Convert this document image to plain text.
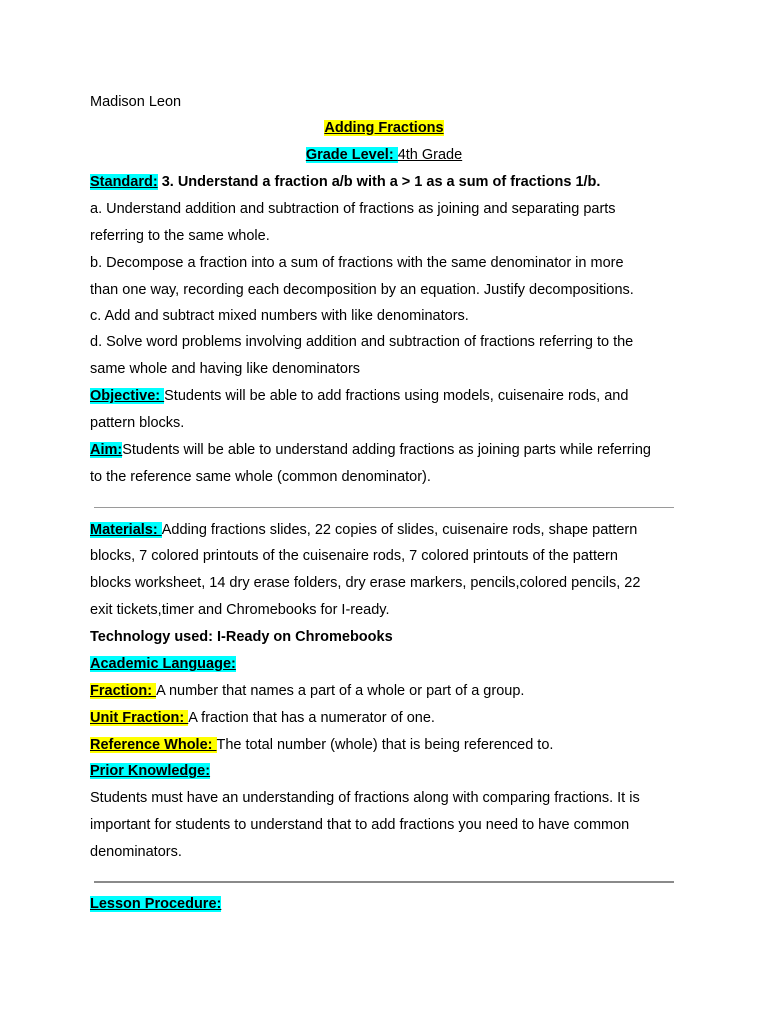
Madison Leon
Adding Fractions
Grade Level: 4th Grade
Standard: 3. Understand a fraction a/b with a > 1 as a sum of fractions 1/b.
a. Understand addition and subtraction of fractions as joining and separating parts
referring to the same whole.
b. Decompose a fraction into a sum of fractions with the same denominator in more
than one way, recording each decomposition by an equation. Justify decompositions.
c. Add and subtract mixed numbers with like denominators.
d. Solve word problems involving addition and subtraction of fractions referring to the
same whole and having like denominators
Objective: Students will be able to add fractions using models, cuisenaire rods, and
pattern blocks.
Aim:Students will be able to understand adding fractions as joining parts while referring
to the reference same whole (common denominator).
Materials: Adding fractions slides, 22 copies of slides, cuisenaire rods, shape pattern
blocks, 7 colored printouts of the cuisenaire rods, 7 colored printouts of the pattern
blocks worksheet, 14 dry erase folders, dry erase markers, pencils,colored pencils, 22
exit tickets,timer and Chromebooks for I-ready.
Technology used: I-Ready on Chromebooks
Academic Language:
Fraction: A number that names a part of a whole or part of a group.
Unit Fraction: A fraction that has a numerator of one.
Reference Whole: The total number (whole) that is being referenced to.
Prior Knowledge:
Students must have an understanding of fractions along with comparing fractions. It is
important for students to understand that to add fractions you need to have common
denominators.
Lesson Procedure:
